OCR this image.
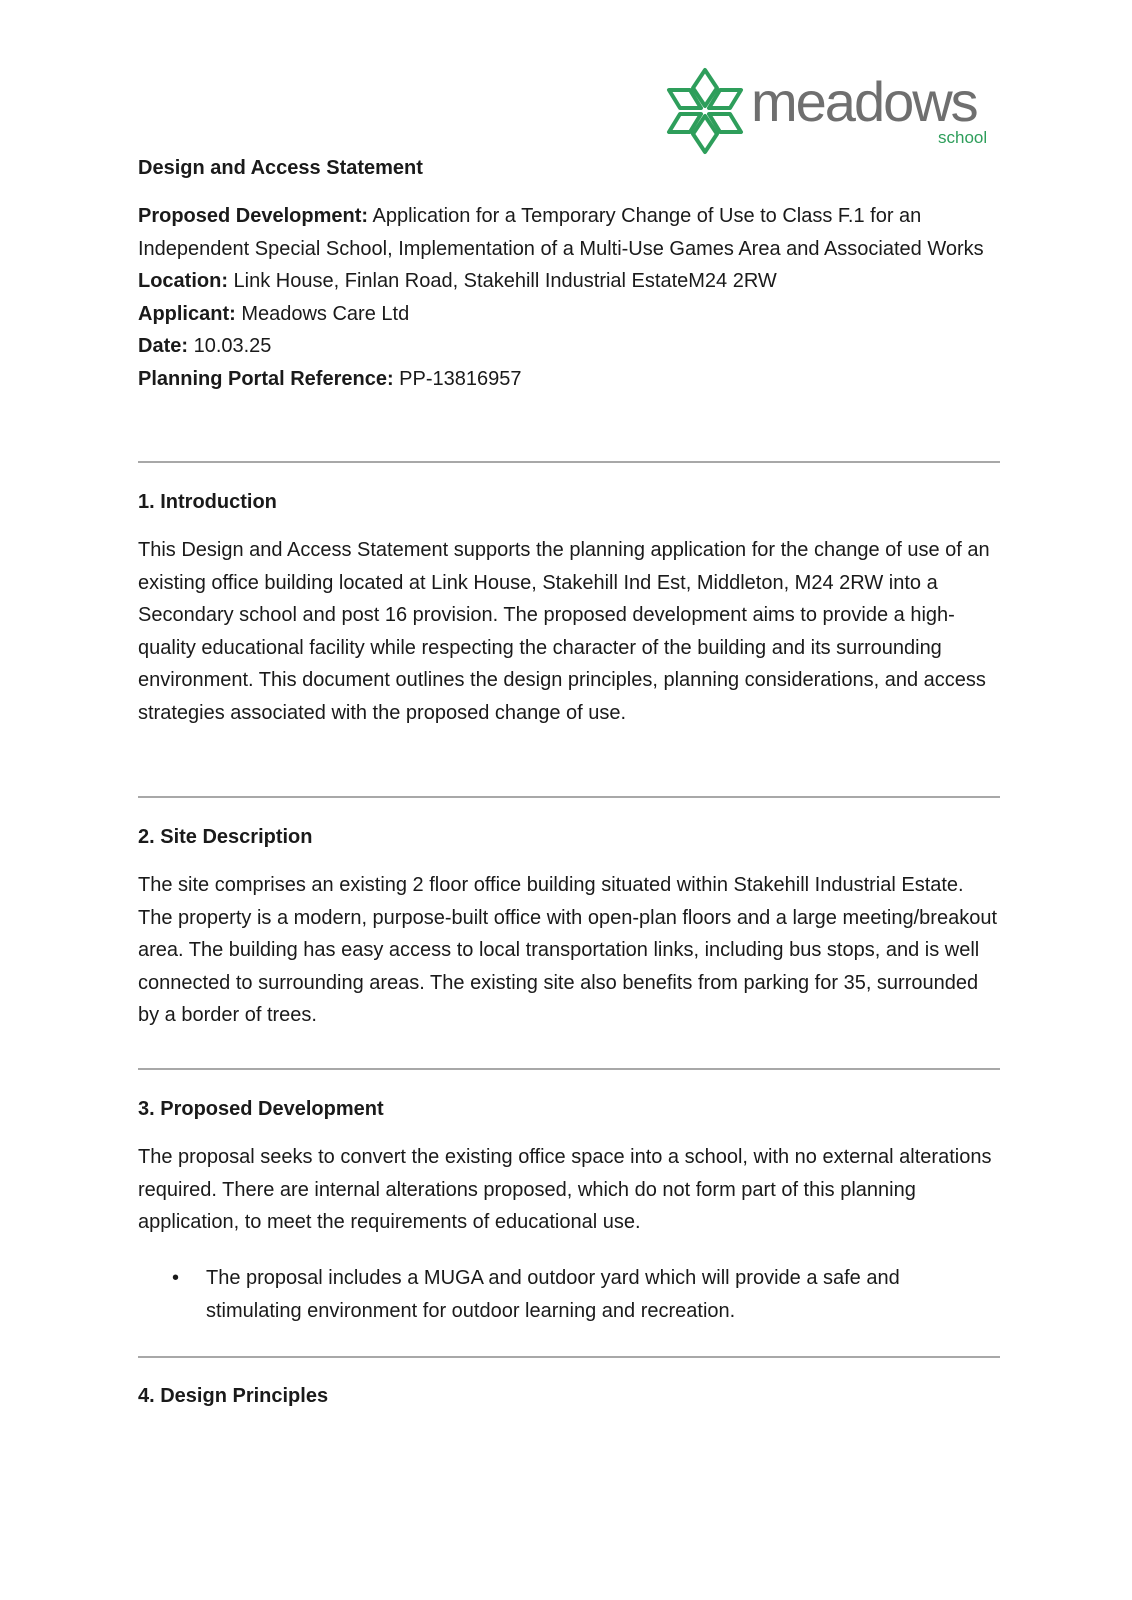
meadows
school
Design and Access Statement

Proposed Development: Application for a Temporary Change of Use to Class F.1 for an Independent Special School, Implementation of a Multi-Use Games Area and Associated Works

Location: Link House, Finlan Road, Stakehill Industrial EstateM24 2RW

Applicant: Meadows Care Ltd

Date: 10.03.25

Planning Portal Reference: PP-13816957

1. Introduction

This Design and Access Statement supports the planning application for the change of use of an existing office building located at Link House, Stakehill Ind Est, Middleton, M24 2RW into a Secondary school and post 16 provision. The proposed development aims to provide a high-quality educational facility while respecting the character of the building and its surrounding environment. This document outlines the design principles, planning considerations, and access strategies associated with the proposed change of use.

2. Site Description

The site comprises an existing 2 floor office building situated within Stakehill Industrial Estate. The property is a modern, purpose-built office with open-plan floors and a large meeting/breakout area. The building has easy access to local transportation links, including bus stops, and is well connected to surrounding areas. The existing site also benefits from parking for 35, surrounded by a border of trees.

3. Proposed Development

The proposal seeks to convert the existing office space into a school, with no external alterations required. There are internal alterations proposed, which do not form part of this planning application, to meet the requirements of educational use.

• The proposal includes a MUGA and outdoor yard which will provide a safe and stimulating environment for outdoor learning and recreation.
4. Design Principles
